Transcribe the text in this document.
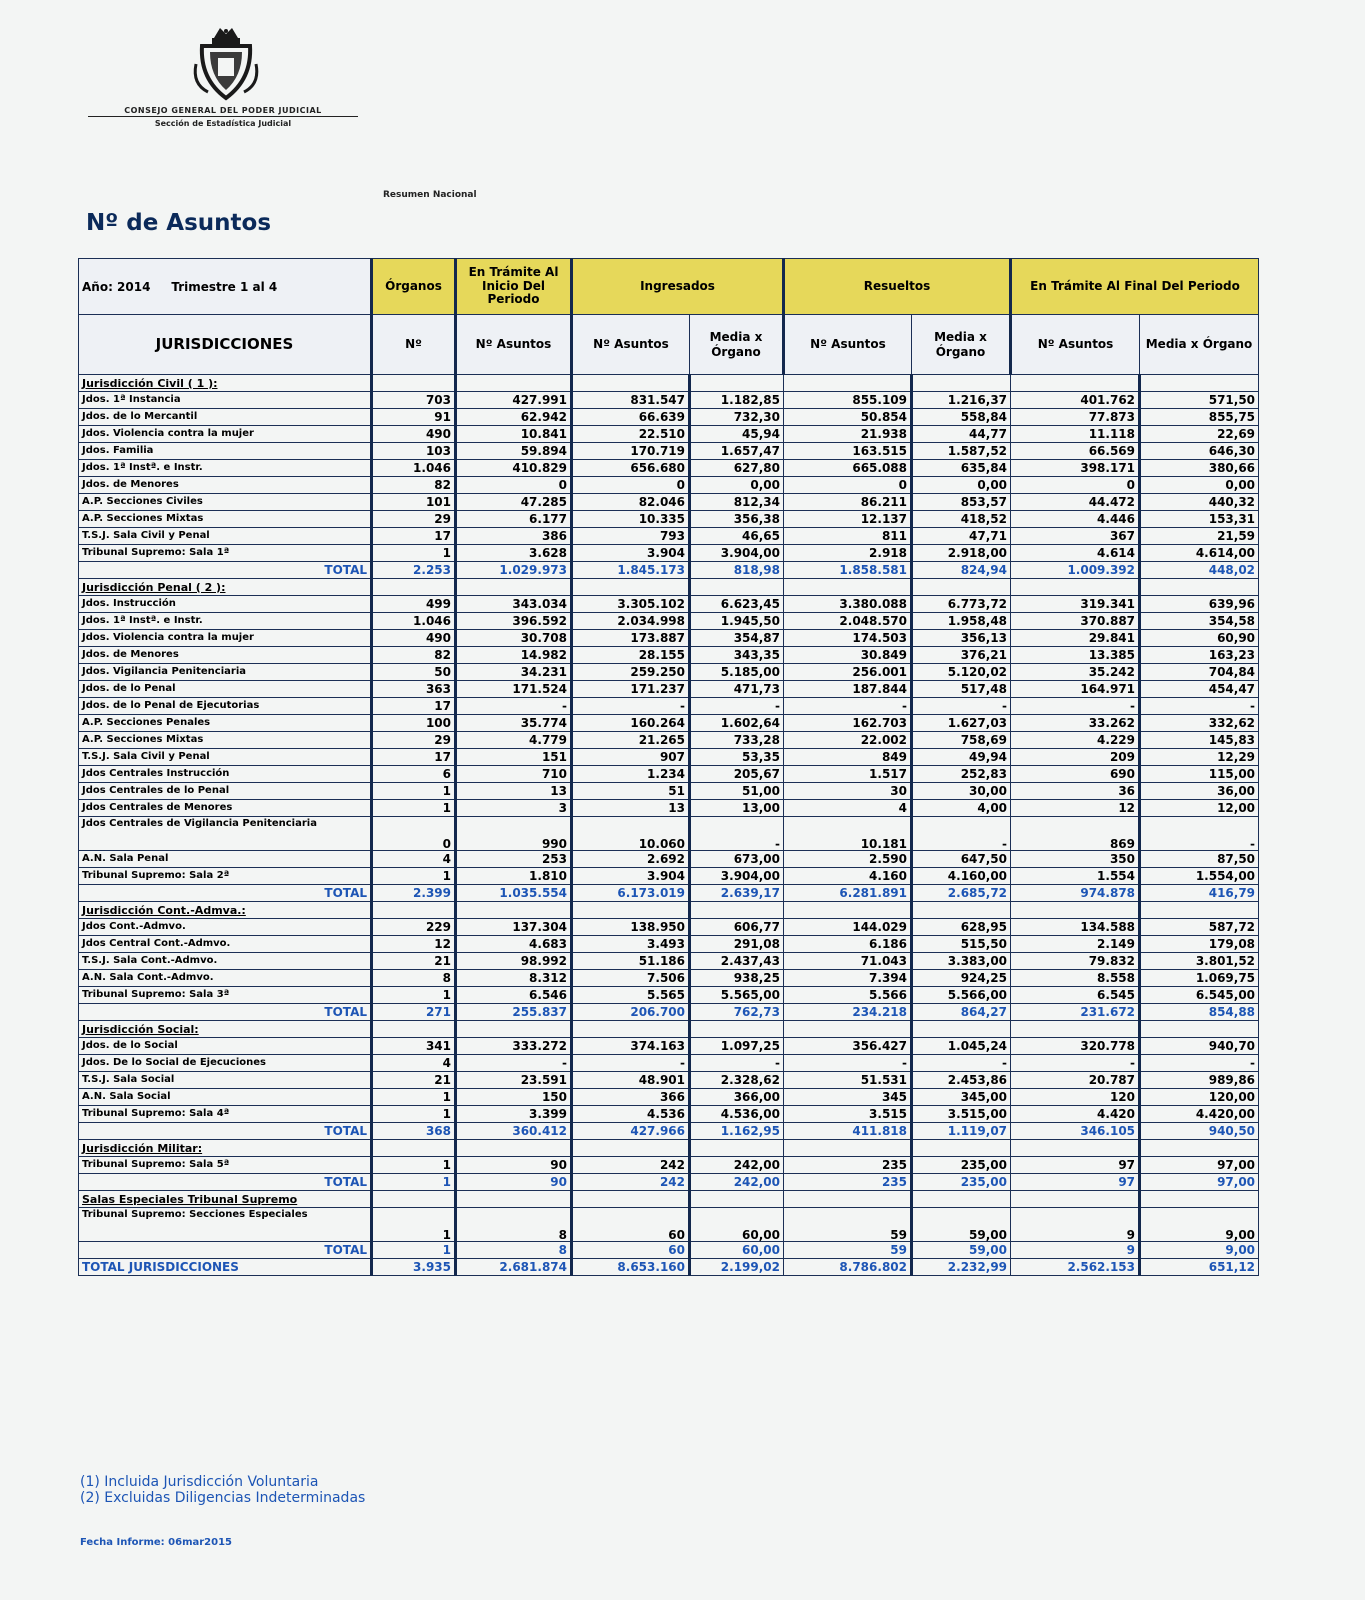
CONSEJO GENERAL DEL PODER JUDICIAL
Sección de Estadística Judicial
Resumen Nacional
Nº de Asuntos
Año: 2014 Trimestre 1 al 4	Órganos	En Trámite Al Inicio Del Periodo	Ingresados		Resueltos		En Trámite Al Final Del Periodo	
JURISDICCIONES	Nº	Nº Asuntos	Nº Asuntos	Media x Órgano	Nº Asuntos	Media x Órgano	Nº Asuntos	Media x Órgano
Jurisdicción Civil ( 1 ):								
Jdos. 1ª Instancia	703	427.991	831.547	1.182,85	855.109	1.216,37	401.762	571,50
Jdos. de lo Mercantil	91	62.942	66.639	732,30	50.854	558,84	77.873	855,75
Jdos. Violencia contra la mujer	490	10.841	22.510	45,94	21.938	44,77	11.118	22,69
Jdos. Familia	103	59.894	170.719	1.657,47	163.515	1.587,52	66.569	646,30
Jdos. 1ª Instª. e Instr.	1.046	410.829	656.680	627,80	665.088	635,84	398.171	380,66
Jdos. de Menores	82	0	0	0,00	0	0,00	0	0,00
A.P. Secciones Civiles	101	47.285	82.046	812,34	86.211	853,57	44.472	440,32
A.P. Secciones Mixtas	29	6.177	10.335	356,38	12.137	418,52	4.446	153,31
T.S.J. Sala Civil y Penal	17	386	793	46,65	811	47,71	367	21,59
Tribunal Supremo: Sala 1ª	1	3.628	3.904	3.904,00	2.918	2.918,00	4.614	4.614,00
TOTAL	2.253	1.029.973	1.845.173	818,98	1.858.581	824,94	1.009.392	448,02
Jurisdicción Penal ( 2 ):								
Jdos. Instrucción	499	343.034	3.305.102	6.623,45	3.380.088	6.773,72	319.341	639,96
Jdos. 1ª Instª. e Instr.	1.046	396.592	2.034.998	1.945,50	2.048.570	1.958,48	370.887	354,58
Jdos. Violencia contra la mujer	490	30.708	173.887	354,87	174.503	356,13	29.841	60,90
Jdos. de Menores	82	14.982	28.155	343,35	30.849	376,21	13.385	163,23
Jdos. Vigilancia Penitenciaria	50	34.231	259.250	5.185,00	256.001	5.120,02	35.242	704,84
Jdos. de lo Penal	363	171.524	171.237	471,73	187.844	517,48	164.971	454,47
Jdos. de lo Penal de Ejecutorias	17	-	-	-	-	-	-	-
A.P. Secciones Penales	100	35.774	160.264	1.602,64	162.703	1.627,03	33.262	332,62
A.P. Secciones Mixtas	29	4.779	21.265	733,28	22.002	758,69	4.229	145,83
T.S.J. Sala Civil y Penal	17	151	907	53,35	849	49,94	209	12,29
Jdos Centrales Instrucción	6	710	1.234	205,67	1.517	252,83	690	115,00
Jdos Centrales de lo Penal	1	13	51	51,00	30	30,00	36	36,00
Jdos Centrales de Menores	1	3	13	13,00	4	4,00	12	12,00
Jdos Centrales de Vigilancia Penitenciaria	0	990	10.060	-	10.181	-	869	-
A.N. Sala Penal	4	253	2.692	673,00	2.590	647,50	350	87,50
Tribunal Supremo: Sala 2ª	1	1.810	3.904	3.904,00	4.160	4.160,00	1.554	1.554,00
TOTAL	2.399	1.035.554	6.173.019	2.639,17	6.281.891	2.685,72	974.878	416,79
Jurisdicción Cont.-Admva.:								
Jdos Cont.-Admvo.	229	137.304	138.950	606,77	144.029	628,95	134.588	587,72
Jdos Central Cont.-Admvo.	12	4.683	3.493	291,08	6.186	515,50	2.149	179,08
T.S.J. Sala Cont.-Admvo.	21	98.992	51.186	2.437,43	71.043	3.383,00	79.832	3.801,52
A.N. Sala Cont.-Admvo.	8	8.312	7.506	938,25	7.394	924,25	8.558	1.069,75
Tribunal Supremo: Sala 3ª	1	6.546	5.565	5.565,00	5.566	5.566,00	6.545	6.545,00
TOTAL	271	255.837	206.700	762,73	234.218	864,27	231.672	854,88
Jurisdicción Social:								
Jdos. de lo Social	341	333.272	374.163	1.097,25	356.427	1.045,24	320.778	940,70
Jdos. De lo Social de Ejecuciones	4	-	-	-	-	-	-	-
T.S.J. Sala Social	21	23.591	48.901	2.328,62	51.531	2.453,86	20.787	989,86
A.N. Sala Social	1	150	366	366,00	345	345,00	120	120,00
Tribunal Supremo: Sala 4ª	1	3.399	4.536	4.536,00	3.515	3.515,00	4.420	4.420,00
TOTAL	368	360.412	427.966	1.162,95	411.818	1.119,07	346.105	940,50
Jurisdicción Militar:								
Tribunal Supremo: Sala 5ª	1	90	242	242,00	235	235,00	97	97,00
TOTAL	1	90	242	242,00	235	235,00	97	97,00
Salas Especiales Tribunal Supremo								
Tribunal Supremo: Secciones Especiales	1	8	60	60,00	59	59,00	9	9,00
TOTAL	1	8	60	60,00	59	59,00	9	9,00
TOTAL JURISDICCIONES	3.935	2.681.874	8.653.160	2.199,02	8.786.802	2.232,99	2.562.153	651,12
(1) Incluida Jurisdicción Voluntaria
(2) Excluidas Diligencias Indeterminadas
Fecha Informe: 06mar2015
